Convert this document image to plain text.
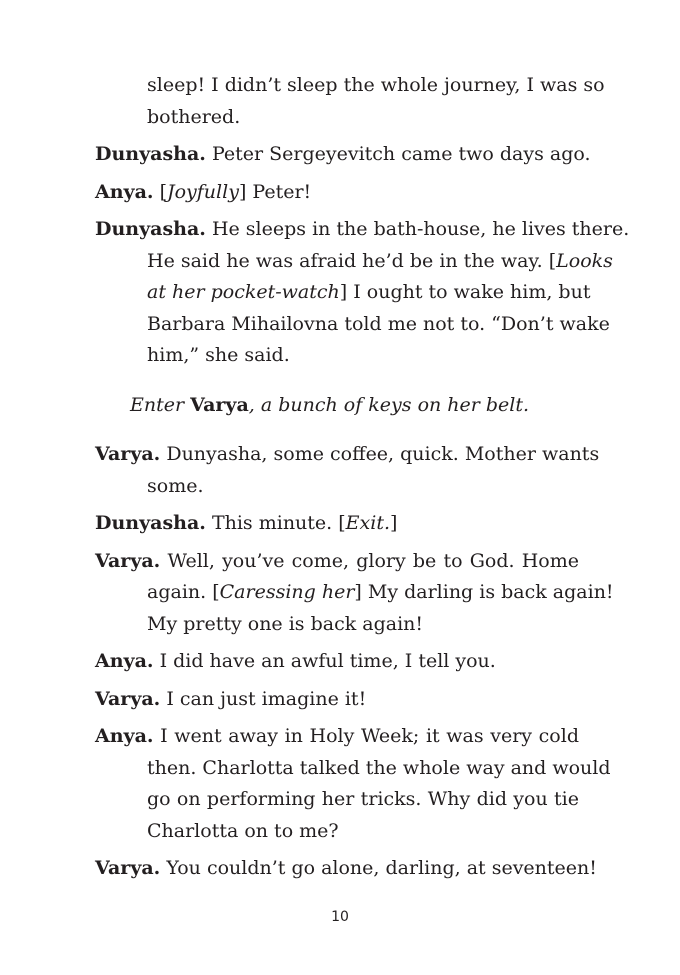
sleep! I didn’t sleep the whole journey, I was so
bothered.
Dunyasha. Peter Sergeyevitch came two days ago.
Anya. [Joyfully] Peter!
Dunyasha. He sleeps in the bath-house, he lives there.
He said he was afraid he’d be in the way. [Looks
at her pocket-watch] I ought to wake him, but
Barbara Mihailovna told me not to. “Don’t wake
him,” she said.
Enter Varya, a bunch of keys on her belt.
Varya. Dunyasha, some coffee, quick. Mother wants
some.
Dunyasha. This minute. [Exit.]
Varya. Well, you’ve come, glory be to God. Home
again. [Caressing her] My darling is back again!
My pretty one is back again!
Anya. I did have an awful time, I tell you.
Varya. I can just imagine it!
Anya. I went away in Holy Week; it was very cold
then. Charlotta talked the whole way and would
go on performing her tricks. Why did you tie
Charlotta on to me?
Varya. You couldn’t go alone, darling, at seventeen!
10
